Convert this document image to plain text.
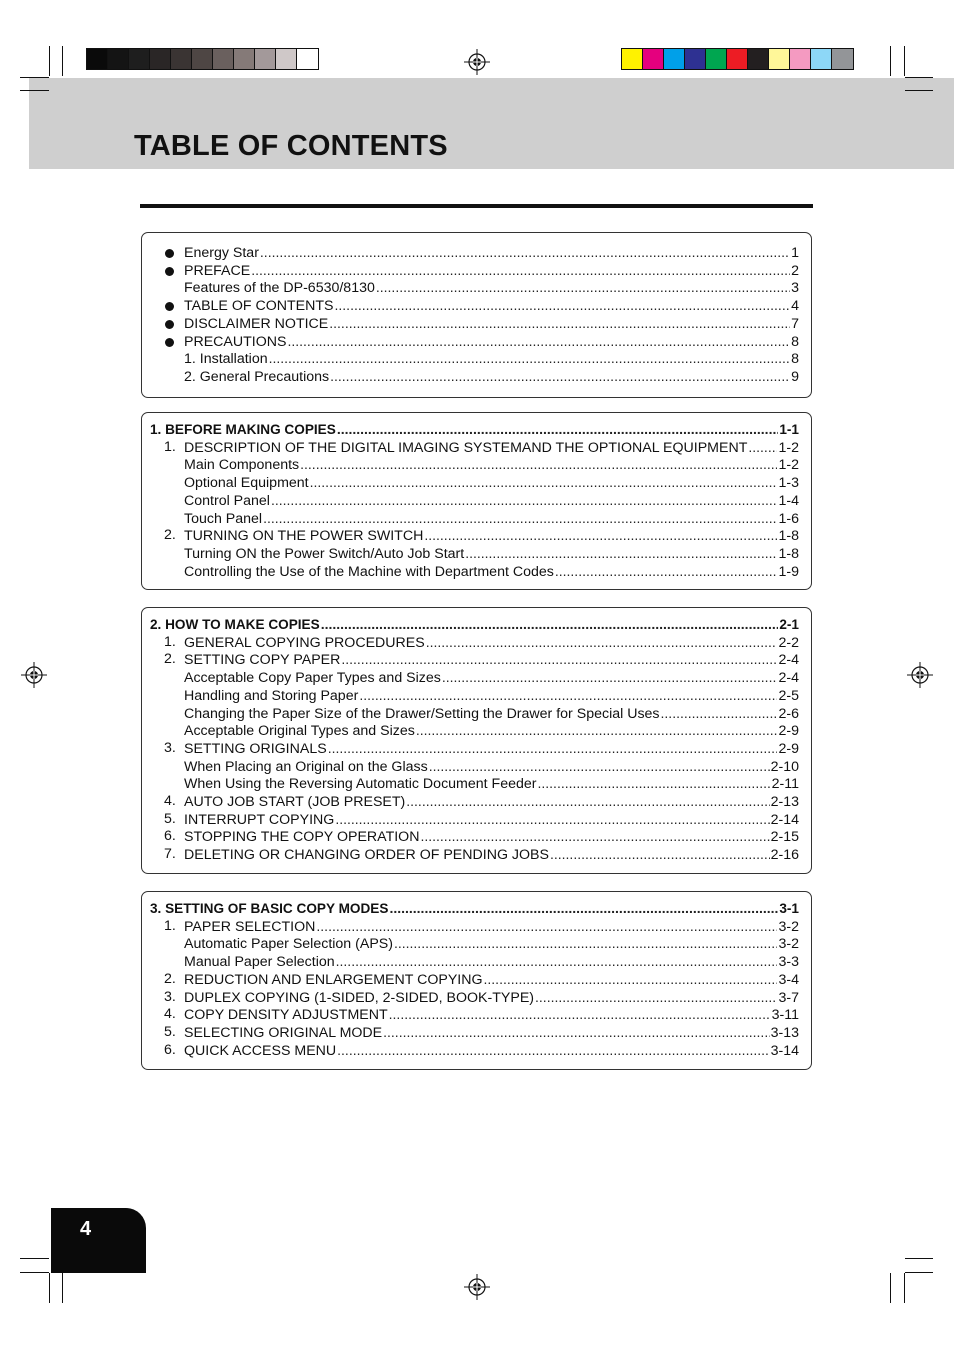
TABLE OF CONTENTS
Energy Star .....	1
PREFACE .....	2
Features of the DP-6530/8130 .....	3
TABLE OF CONTENTS .....	4
DISCLAIMER NOTICE .....	7
PRECAUTIONS .....	8
1. Installation .....	8
2. General Precautions .....	9
1. BEFORE MAKING COPIES .....	1-1
1. DESCRIPTION OF THE DIGITAL IMAGING SYSTEMAND THE OPTIONAL EQUIPMENT ..... 1-2
Main Components .....	1-2
Optional Equipment .....	1-3
Control Panel .....	1-4
Touch Panel .....	1-6
2. TURNING ON THE POWER SWITCH .....	1-8
Turning ON the Power Switch/Auto Job Start .....	1-8
Controlling the Use of the Machine with Department Codes .....	1-9
2. HOW TO MAKE COPIES .....	2-1
1. GENERAL COPYING PROCEDURES .....	2-2
2. SETTING COPY PAPER .....	2-4
Acceptable Copy Paper Types and Sizes .....	2-4
Handling and Storing Paper .....	2-5
Changing the Paper Size of the Drawer/Setting the Drawer for Special Uses .....	2-6
Acceptable Original Types and Sizes .....	2-9
3. SETTING ORIGINALS .....	2-9
When Placing an Original on the Glass .....	2-10
When Using the Reversing Automatic Document Feeder .....	2-11
4. AUTO JOB START (JOB PRESET) .....	2-13
5. INTERRUPT COPYING .....	2-14
6. STOPPING THE COPY OPERATION .....	2-15
7. DELETING OR CHANGING ORDER OF PENDING JOBS .....	2-16
3. SETTING OF BASIC COPY MODES .....	3-1
1. PAPER SELECTION .....	3-2
Automatic Paper Selection (APS) .....	3-2
Manual Paper Selection .....	3-3
2. REDUCTION AND ENLARGEMENT COPYING .....	3-4
3. DUPLEX COPYING (1-SIDED, 2-SIDED, BOOK-TYPE) .....	3-7
4. COPY DENSITY ADJUSTMENT .....	3-11
5. SELECTING ORIGINAL MODE .....	3-13
6. QUICK ACCESS MENU .....	3-14
4
